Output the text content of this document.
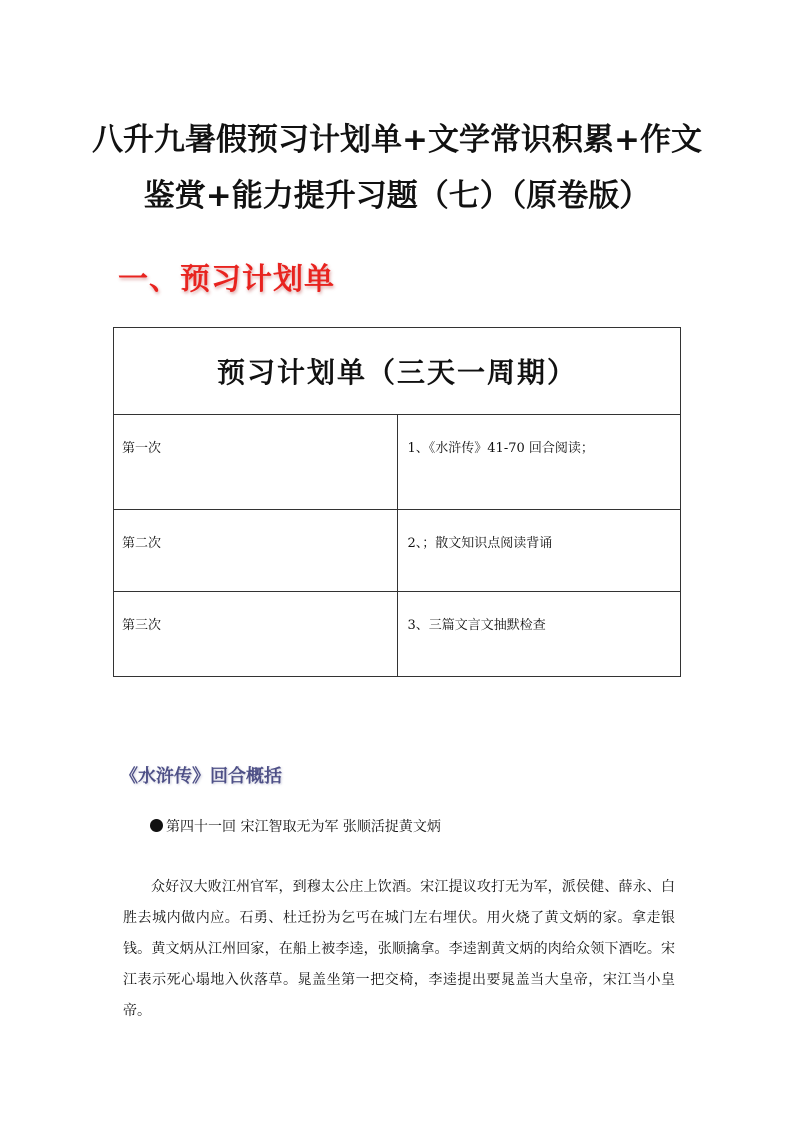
八升九暑假预习计划单+文学常识积累+作文
鉴赏+能力提升习题（七）（原卷版）
一、预习计划单
预习计划单（三天一周期）	
第一次	1、《水浒传》41-70 回合阅读；
第二次	2、；散文知识点阅读背诵
第三次	3、三篇文言文抽默检查
《水浒传》回合概括
第四十一回 宋江智取无为军 张顺活捉黄文炳

众好汉大败江州官军，到穆太公庄上饮酒。宋江提议攻打无为军，派侯健、薛永、白胜去城内做内应。石勇、杜迁扮为乞丐在城门左右埋伏。用火烧了黄文炳的家。拿走银钱。黄文炳从江州回家，在船上被李逵，张顺擒拿。李逵割黄文炳的肉给众领下酒吃。宋江表示死心塌地入伙落草。晁盖坐第一把交椅，李逵提出要晁盖当大皇帝，宋江当小皇帝。
